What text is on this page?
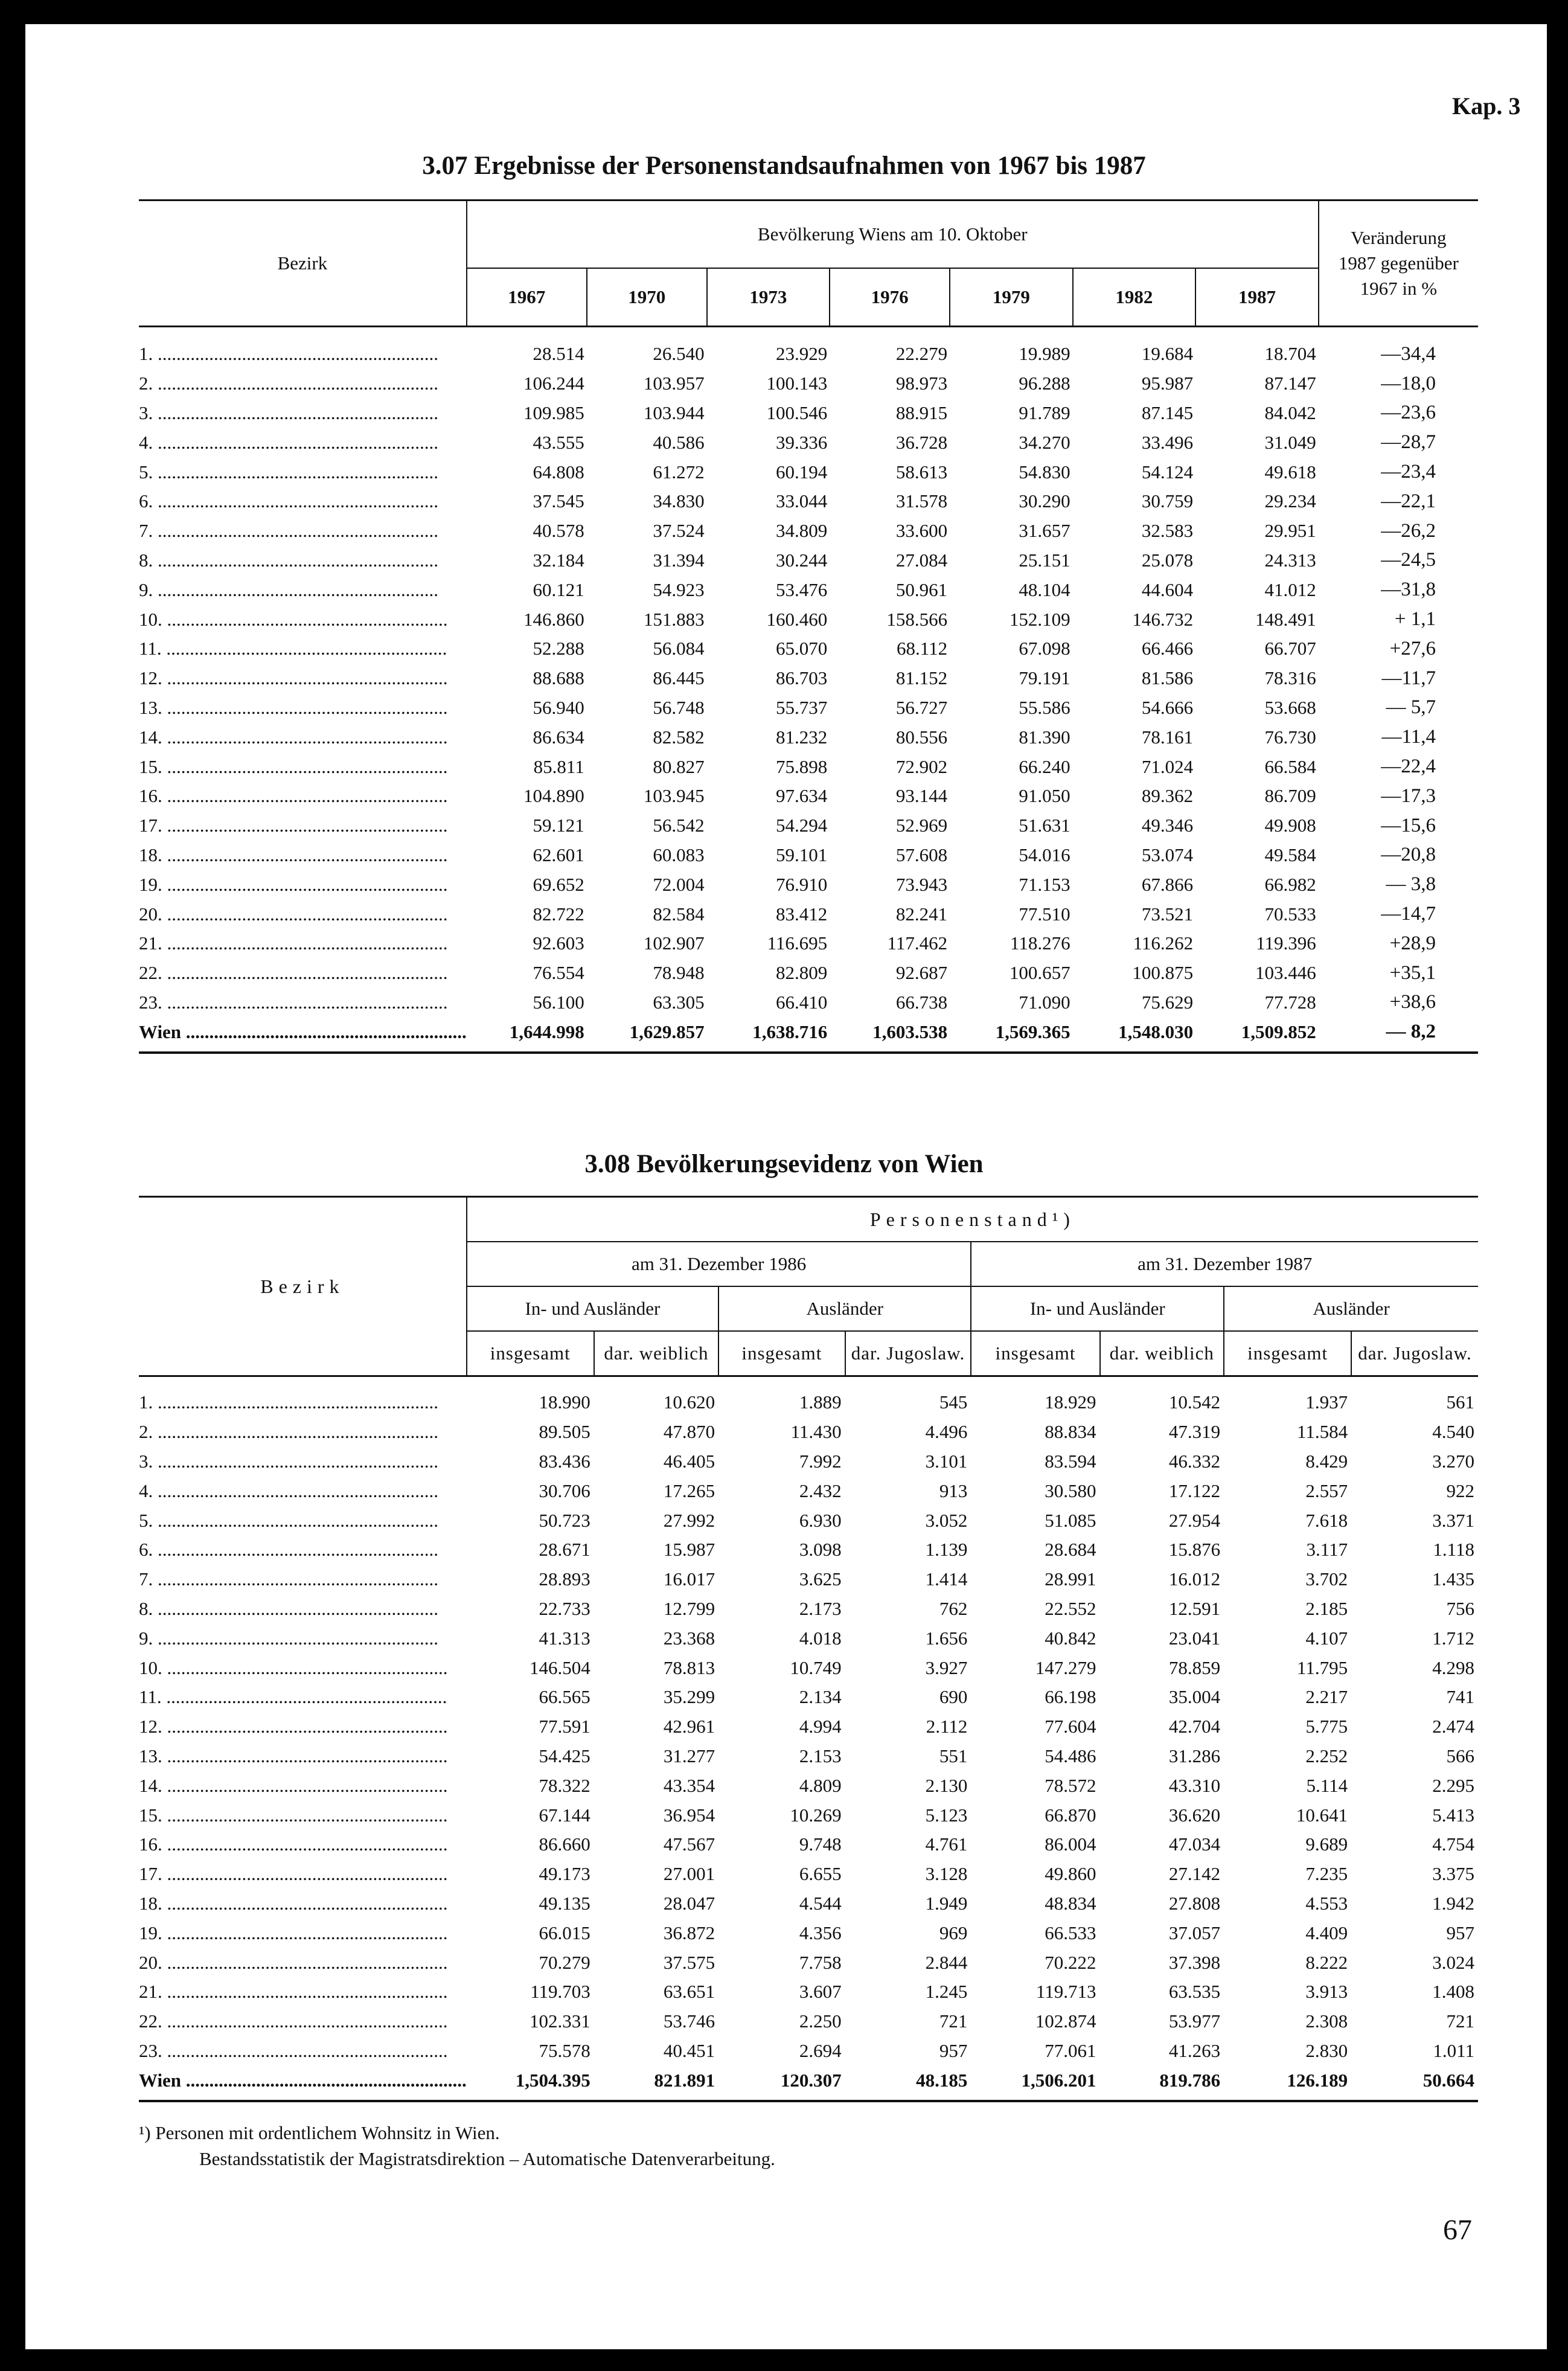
Kap. 3
3.07 Ergebnisse der Personenstandsaufnahmen von 1967 bis 1987
Bezirk	Bevölkerung Wiens am 10. Oktober							Veränderung
1987 gegenüber
1967 in %
	1967	1970	1973	1976	1979	1982	1987	

1. ............................................................	28.514	26.540	23.929	22.279	19.989	19.684	18.704	—34,4

2. ............................................................	106.244	103.957	100.143	98.973	96.288	95.987	87.147	—18,0

3. ............................................................	109.985	103.944	100.546	88.915	91.789	87.145	84.042	—23,6

4. ............................................................	43.555	40.586	39.336	36.728	34.270	33.496	31.049	—28,7

5. ............................................................	64.808	61.272	60.194	58.613	54.830	54.124	49.618	—23,4

6. ............................................................	37.545	34.830	33.044	31.578	30.290	30.759	29.234	—22,1

7. ............................................................	40.578	37.524	34.809	33.600	31.657	32.583	29.951	—26,2

8. ............................................................	32.184	31.394	30.244	27.084	25.151	25.078	24.313	—24,5

9. ............................................................	60.121	54.923	53.476	50.961	48.104	44.604	41.012	—31,8

10. ............................................................	146.860	151.883	160.460	158.566	152.109	146.732	148.491	+ 1,1

11. ............................................................	52.288	56.084	65.070	68.112	67.098	66.466	66.707	+27,6

12. ............................................................	88.688	86.445	86.703	81.152	79.191	81.586	78.316	—11,7

13. ............................................................	56.940	56.748	55.737	56.727	55.586	54.666	53.668	— 5,7

14. ............................................................	86.634	82.582	81.232	80.556	81.390	78.161	76.730	—11,4

15. ............................................................	85.811	80.827	75.898	72.902	66.240	71.024	66.584	—22,4

16. ............................................................	104.890	103.945	97.634	93.144	91.050	89.362	86.709	—17,3

17. ............................................................	59.121	56.542	54.294	52.969	51.631	49.346	49.908	—15,6

18. ............................................................	62.601	60.083	59.101	57.608	54.016	53.074	49.584	—20,8

19. ............................................................	69.652	72.004	76.910	73.943	71.153	67.866	66.982	— 3,8

20. ............................................................	82.722	82.584	83.412	82.241	77.510	73.521	70.533	—14,7

21. ............................................................	92.603	102.907	116.695	117.462	118.276	116.262	119.396	+28,9

22. ............................................................	76.554	78.948	82.809	92.687	100.657	100.875	103.446	+35,1

23. ............................................................	56.100	63.305	66.410	66.738	71.090	75.629	77.728	+38,6

Wien ............................................................	1,644.998	1,629.857	1,638.716	1,603.538	1,569.365	1,548.030	1,509.852	— 8,2
3.08 Bevölkerungsevidenz von Wien
Bezirk	Personenstand¹)							
	am 31. Dezember 1986				am 31. Dezember 1987			
	In- und Ausländer		Ausländer		In- und Ausländer		Ausländer	
	insgesamt	dar. weiblich	insgesamt	dar. Jugoslaw.	insgesamt	dar. weiblich	insgesamt	dar. Jugoslaw.

1. ............................................................	18.990	10.620	1.889	545	18.929	10.542	1.937	561

2. ............................................................	89.505	47.870	11.430	4.496	88.834	47.319	11.584	4.540

3. ............................................................	83.436	46.405	7.992	3.101	83.594	46.332	8.429	3.270

4. ............................................................	30.706	17.265	2.432	913	30.580	17.122	2.557	922

5. ............................................................	50.723	27.992	6.930	3.052	51.085	27.954	7.618	3.371

6. ............................................................	28.671	15.987	3.098	1.139	28.684	15.876	3.117	1.118

7. ............................................................	28.893	16.017	3.625	1.414	28.991	16.012	3.702	1.435

8. ............................................................	22.733	12.799	2.173	762	22.552	12.591	2.185	756

9. ............................................................	41.313	23.368	4.018	1.656	40.842	23.041	4.107	1.712

10. ............................................................	146.504	78.813	10.749	3.927	147.279	78.859	11.795	4.298

11. ............................................................	66.565	35.299	2.134	690	66.198	35.004	2.217	741

12. ............................................................	77.591	42.961	4.994	2.112	77.604	42.704	5.775	2.474

13. ............................................................	54.425	31.277	2.153	551	54.486	31.286	2.252	566

14. ............................................................	78.322	43.354	4.809	2.130	78.572	43.310	5.114	2.295

15. ............................................................	67.144	36.954	10.269	5.123	66.870	36.620	10.641	5.413

16. ............................................................	86.660	47.567	9.748	4.761	86.004	47.034	9.689	4.754

17. ............................................................	49.173	27.001	6.655	3.128	49.860	27.142	7.235	3.375

18. ............................................................	49.135	28.047	4.544	1.949	48.834	27.808	4.553	1.942

19. ............................................................	66.015	36.872	4.356	969	66.533	37.057	4.409	957

20. ............................................................	70.279	37.575	7.758	2.844	70.222	37.398	8.222	3.024

21. ............................................................	119.703	63.651	3.607	1.245	119.713	63.535	3.913	1.408

22. ............................................................	102.331	53.746	2.250	721	102.874	53.977	2.308	721

23. ............................................................	75.578	40.451	2.694	957	77.061	41.263	2.830	1.011

Wien ............................................................	1,504.395	821.891	120.307	48.185	1,506.201	819.786	126.189	50.664
¹) Personen mit ordentlichem Wohnsitz in Wien.
Bestandsstatistik der Magistratsdirektion – Automatische Datenverarbeitung.
67
